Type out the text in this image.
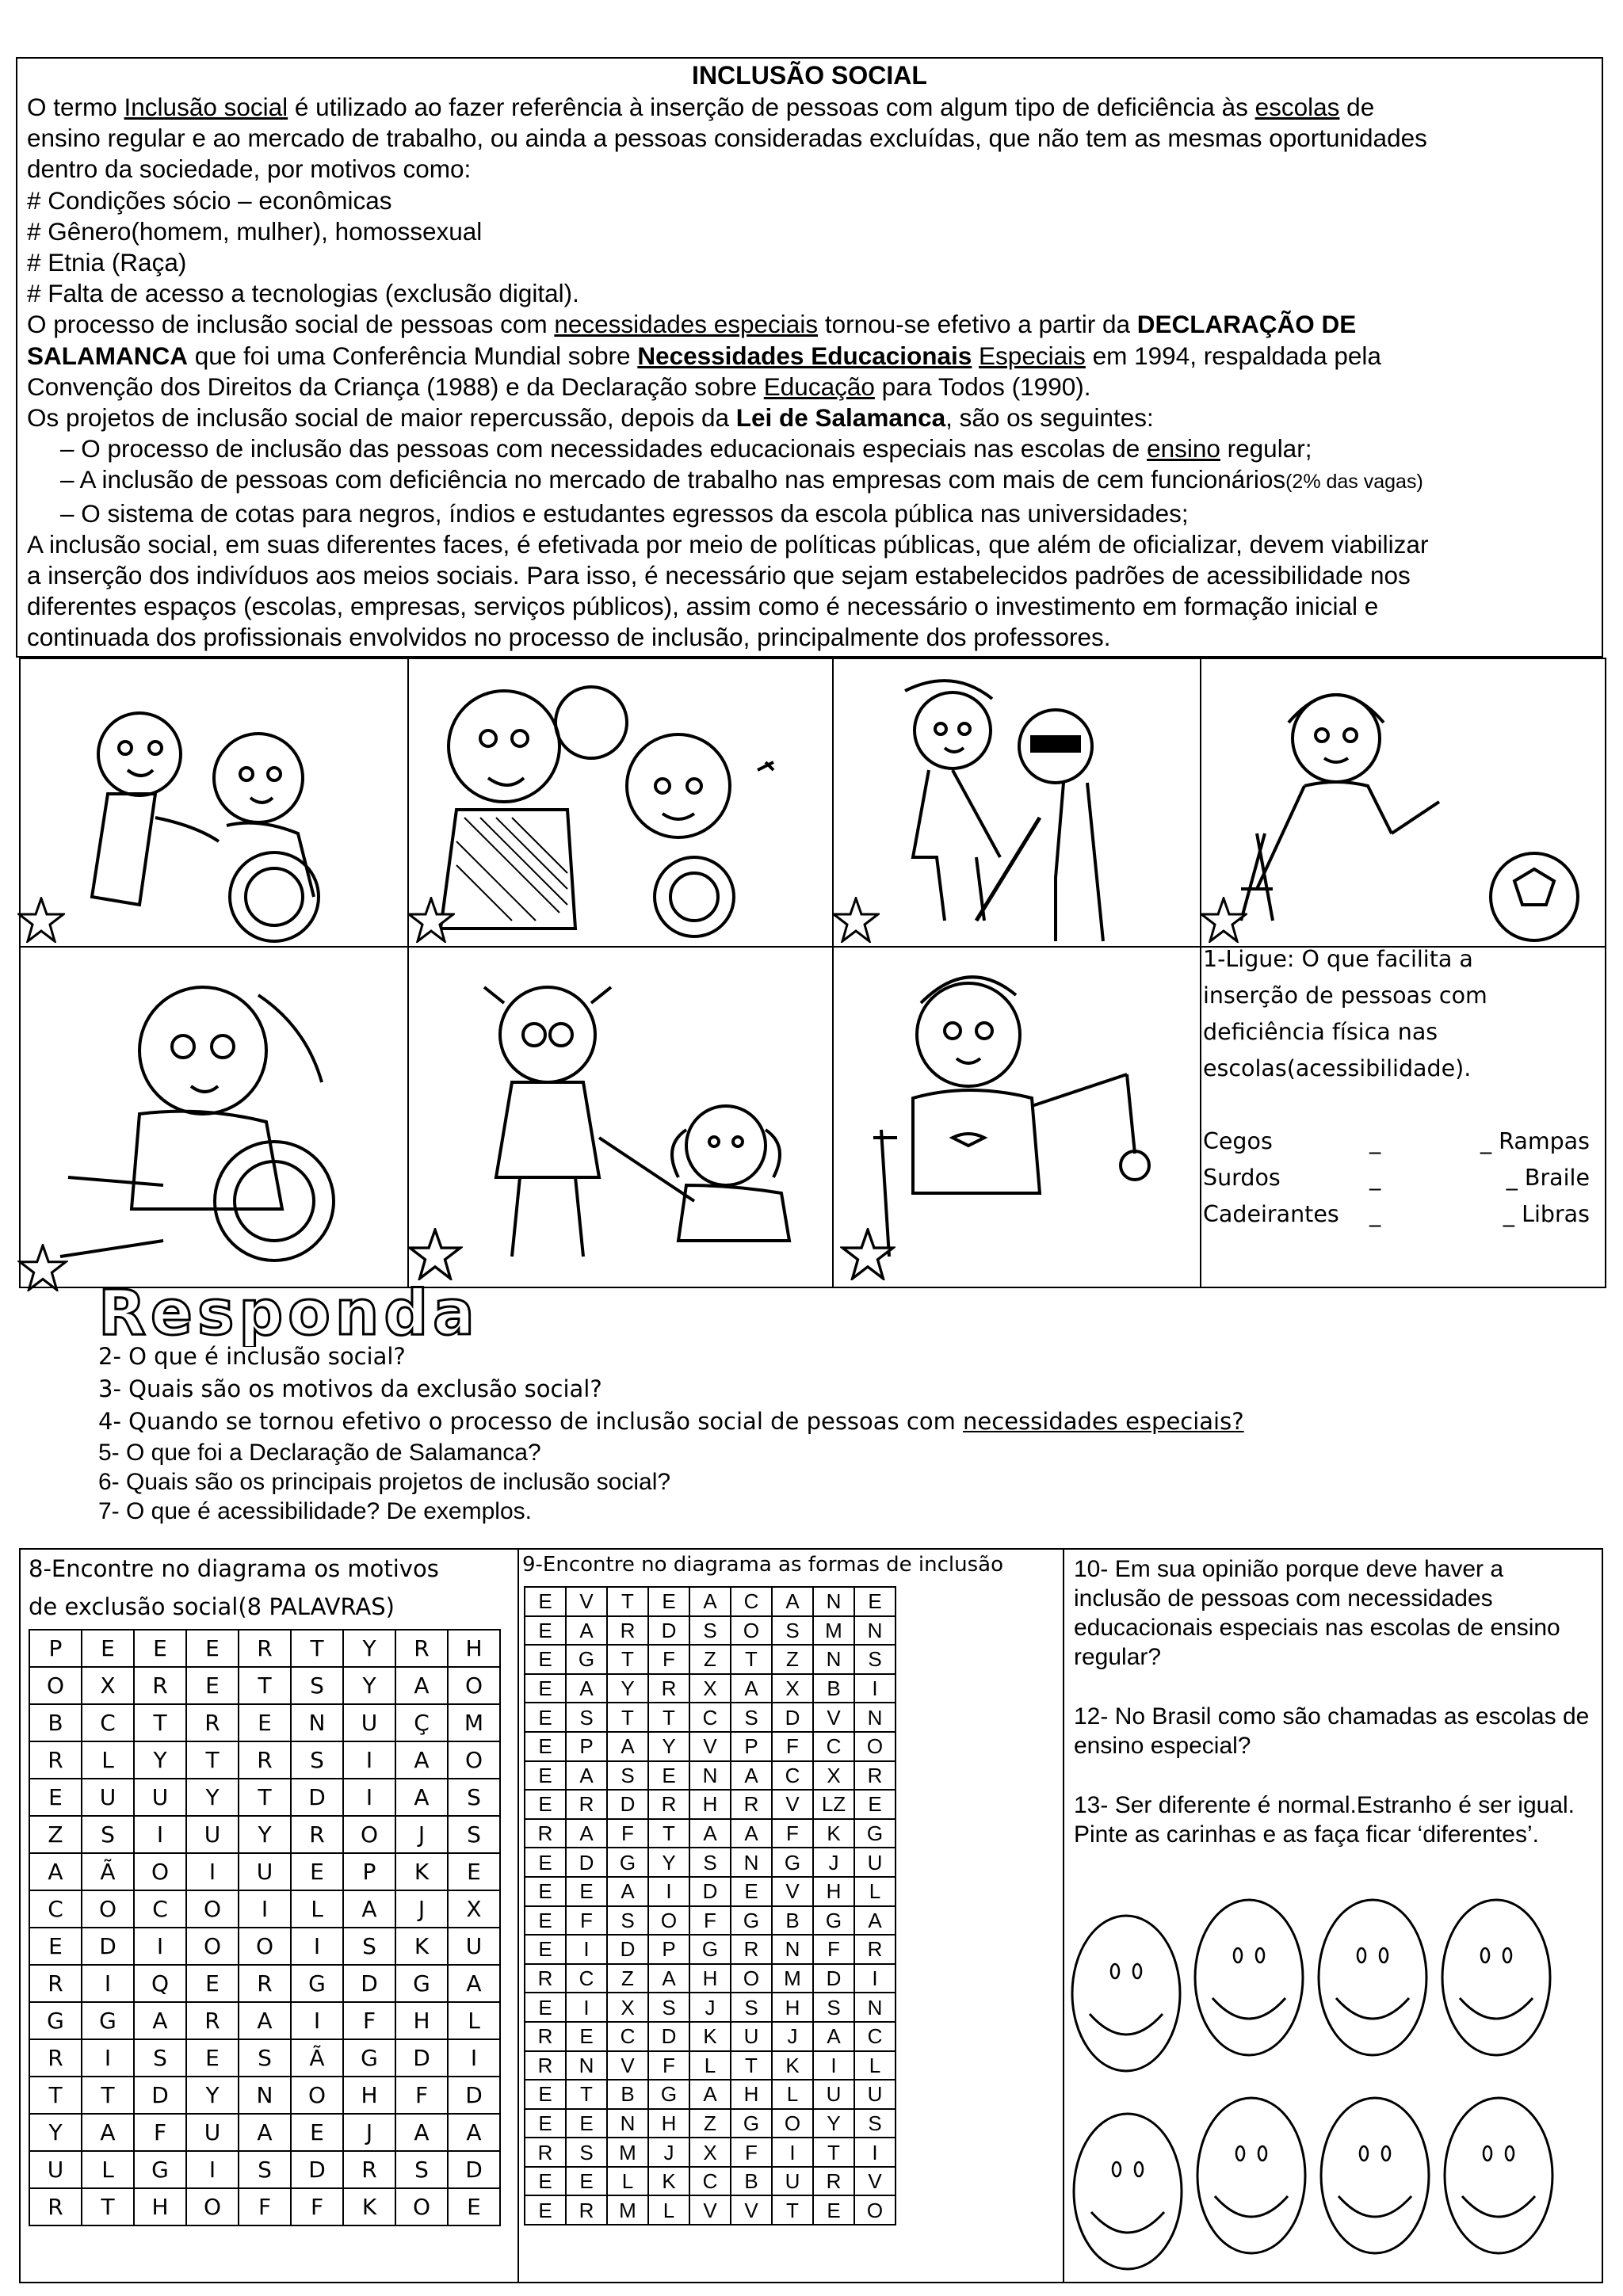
INCLUSÃO SOCIAL
O termo Inclusão social é utilizado ao fazer referência à inserção de pessoas com algum tipo de deficiência às escolas de
ensino regular e ao mercado de trabalho, ou ainda a pessoas consideradas excluídas, que não tem as mesmas oportunidades
dentro da sociedade, por motivos como:
# Condições sócio – econômicas
# Gênero(homem, mulher), homossexual
# Etnia (Raça)
# Falta de acesso a tecnologias (exclusão digital).
O processo de inclusão social de pessoas com necessidades especiais tornou-se efetivo a partir da DECLARAÇÃO DE
SALAMANCA que foi uma Conferência Mundial sobre Necessidades Educacionais Especiais em 1994, respaldada pela
Convenção dos Direitos da Criança (1988) e da Declaração sobre Educação para Todos (1990).
Os projetos de inclusão social de maior repercussão, depois da Lei de Salamanca, são os seguintes:
– O processo de inclusão das pessoas com necessidades educacionais especiais nas escolas de ensino regular;
– A inclusão de pessoas com deficiência no mercado de trabalho nas empresas com mais de cem funcionários(2% das vagas)
– O sistema de cotas para negros, índios e estudantes egressos da escola pública nas universidades;
A inclusão social, em suas diferentes faces, é efetivada por meio de políticas públicas, que além de oficializar, devem viabilizar
a inserção dos indivíduos aos meios sociais. Para isso, é necessário que sejam estabelecidos padrões de acessibilidade nos
diferentes espaços (escolas, empresas, serviços públicos), assim como é necessário o investimento em formação inicial e
continuada dos profissionais envolvidos no processo de inclusão, principalmente dos professores.
1-Ligue: O que facilita a
inserção de pessoas com
deficiência física nas
escolas(acessibilidade).
Cegos	_	_ Rampas
Surdos	_	_ Braile
Cadeirantes	_	_ Libras
Responda
2- O que é inclusão social?
3- Quais são os motivos da exclusão social?
4- Quando se tornou efetivo o processo de inclusão social de pessoas com necessidades especiais?
5- O que foi a Declaração de Salamanca?
6- Quais são os principais projetos de inclusão social?
7- O que é acessibilidade? De exemplos.
8-Encontre no diagrama os motivos
de exclusão social(8 PALAVRAS)
P	E	E	E	R	T	Y	R	H
O	X	R	E	T	S	Y	A	O
B	C	T	R	E	N	U	Ç	M
R	L	Y	T	R	S	I	A	O
E	U	U	Y	T	D	I	A	S
Z	S	I	U	Y	R	O	J	S
A	Ã	O	I	U	E	P	K	E
C	O	C	O	I	L	A	J	X
E	D	I	O	O	I	S	K	U
R	I	Q	E	R	G	D	G	A
G	G	A	R	A	I	F	H	L
R	I	S	E	S	Ã	G	D	I
T	T	D	Y	N	O	H	F	D
Y	A	F	U	A	E	J	A	A
U	L	G	I	S	D	R	S	D
R	T	H	O	F	F	K	O	E
9-Encontre no diagrama as formas de inclusão
E	V	T	E	A	C	A	N	E
E	A	R	D	S	O	S	M	N
E	G	T	F	Z	T	Z	N	S
E	A	Y	R	X	A	X	B	I
E	S	T	T	C	S	D	V	N
E	P	A	Y	V	P	F	C	O
E	A	S	E	N	A	C	X	R
E	R	D	R	H	R	V	LZ	E
R	A	F	T	A	A	F	K	G
E	D	G	Y	S	N	G	J	U
E	E	A	I	D	E	V	H	L
E	F	S	O	F	G	B	G	A
E	I	D	P	G	R	N	F	R
R	C	Z	A	H	O	M	D	I
E	I	X	S	J	S	H	S	N
R	E	C	D	K	U	J	A	C
R	N	V	F	L	T	K	I	L
E	T	B	G	A	H	L	U	U
E	E	N	H	Z	G	O	Y	S
R	S	M	J	X	F	I	T	I
E	E	L	K	C	B	U	R	V
E	R	M	L	V	V	T	E	O

10- Em sua opinião porque deve haver a inclusão de pessoas com necessidades educacionais especiais nas escolas de ensino regular?

12- No Brasil como são chamadas as escolas de ensino especial?

13- Ser diferente é normal.Estranho é ser igual. Pinte as carinhas e as faça ficar ‘diferentes’.
